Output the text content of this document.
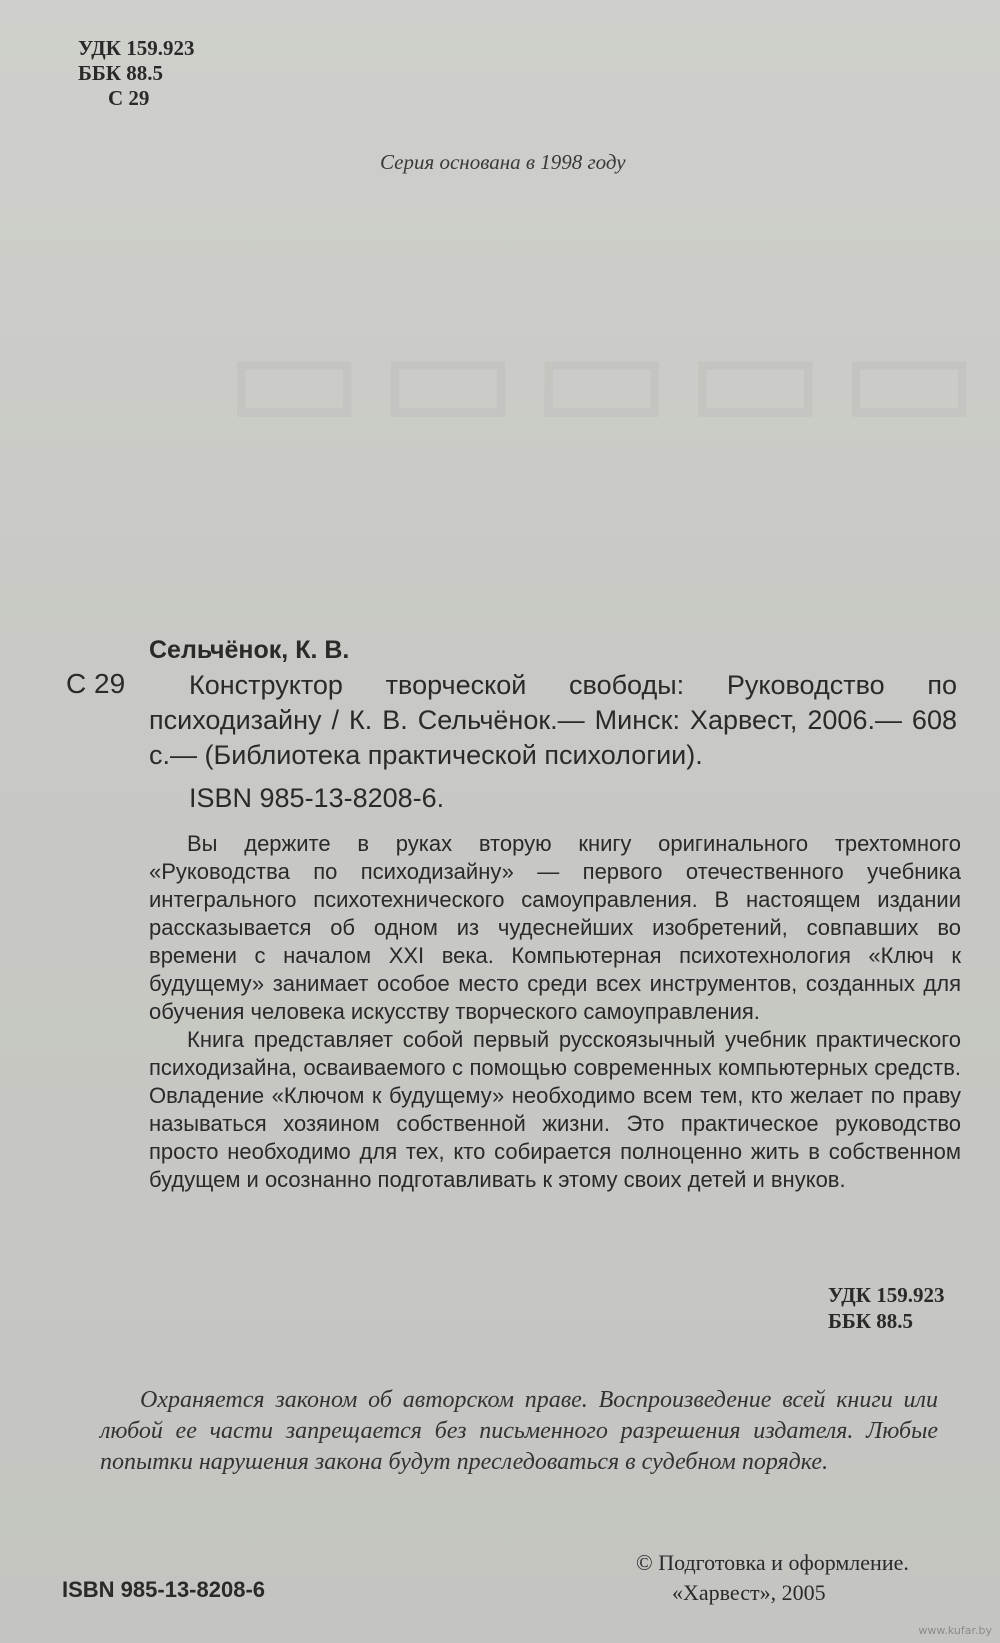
▭▭▭▭▭
УДК 159.923
ББК 88.5
С 29
Серия основана в 1998 году
Сельчёнок, К. В.
С 29	Конструктор творческой свободы: Руководство по психодизайну / К. В. Сельчёнок.— Минск: Харвест, 2006.— 608 с.— (Библиотека практической психологии).
ISBN 985-13-8208-6.

Вы держите в руках вторую книгу оригинального трехтомного «Руководства по психодизайну» — первого отечественного учебника интегрального психотехнического самоуправления. В настоящем издании рассказывается об одном из чудеснейших изобретений, совпавших во времени с началом XXI века. Компьютерная психотехнология «Ключ к будущему» занимает особое место среди всех инструментов, созданных для обучения человека искусству творческого самоуправления.

Книга представляет собой первый русскоязычный учебник практического психодизайна, осваиваемого с помощью современных компьютерных средств. Овладение «Ключом к будущему» необходимо всем тем, кто желает по праву называться хозяином собственной жизни. Это практическое руководство просто необходимо для тех, кто собирается полноценно жить в собственном будущем и осознанно подготавливать к этому своих детей и внуков.

УДК 159.923
ББК 88.5
Охраняется законом об авторском праве. Воспроизведение всей книги или любой ее части запрещается без письменного разрешения издателя. Любые попытки нарушения закона будут преследоваться в судебном порядке.
ISBN 985-13-8208-6
© Подготовка и оформление.
«Харвест», 2005
www.kufar.by
